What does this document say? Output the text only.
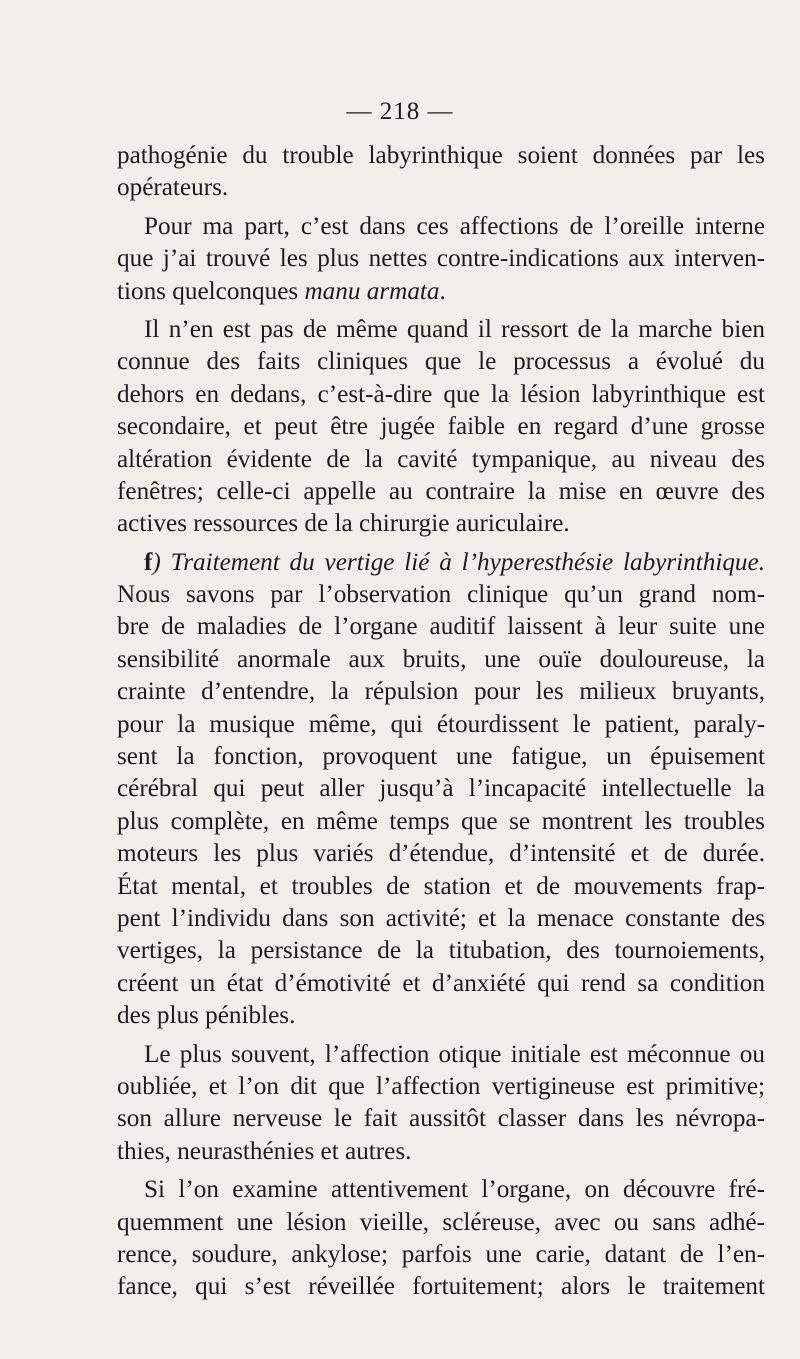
— 218 —
pathogénie du trouble labyrinthique soient données par les
opérateurs.
Pour ma part, c’est dans ces affections de l’oreille interne
que j’ai trouvé les plus nettes contre-indications aux interven-
tions quelconques manu armata.
Il n’en est pas de même quand il ressort de la marche bien
connue des faits cliniques que le processus a évolué du
dehors en dedans, c’est-à-dire que la lésion labyrinthique est
secondaire, et peut être jugée faible en regard d’une grosse
altération évidente de la cavité tympanique, au niveau des
fenêtres; celle-ci appelle au contraire la mise en œuvre des
actives ressources de la chirurgie auriculaire.
f) Traitement du vertige lié à l’hyperesthésie labyrinthique.
Nous savons par l’observation clinique qu’un grand nom-
bre de maladies de l’organe auditif laissent à leur suite une
sensibilité anormale aux bruits, une ouïe douloureuse, la
crainte d’entendre, la répulsion pour les milieux bruyants,
pour la musique même, qui étourdissent le patient, paraly-
sent la fonction, provoquent une fatigue, un épuisement
cérébral qui peut aller jusqu’à l’incapacité intellectuelle la
plus complète, en même temps que se montrent les troubles
moteurs les plus variés d’étendue, d’intensité et de durée.
État mental, et troubles de station et de mouvements frap-
pent l’individu dans son activité; et la menace constante des
vertiges, la persistance de la titubation, des tournoiements,
créent un état d’émotivité et d’anxiété qui rend sa condition
des plus pénibles.
Le plus souvent, l’affection otique initiale est méconnue ou
oubliée, et l’on dit que l’affection vertigineuse est primitive;
son allure nerveuse le fait aussitôt classer dans les névropa-
thies, neurasthénies et autres.
Si l’on examine attentivement l’organe, on découvre fré-
quemment une lésion vieille, scléreuse, avec ou sans adhé-
rence, soudure, ankylose; parfois une carie, datant de l’en-
fance, qui s’est réveillée fortuitement; alors le traitement
